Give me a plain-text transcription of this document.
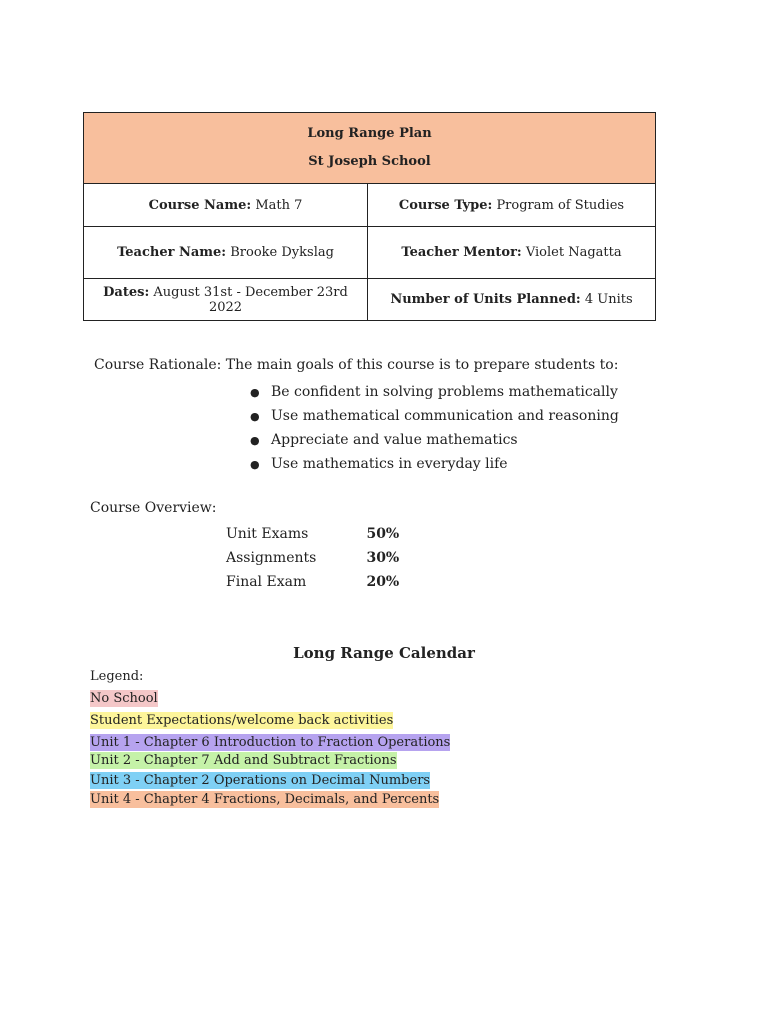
Long Range Plan
St Joseph School	

Course Name: Math 7	Course Type: Program of Studies
Teacher Name: Brooke Dykslag	Teacher Mentor: Violet Nagatta
Dates: August 31st - December 23rd 2022	Number of Units Planned: 4 Units
Course Rationale: The main goals of this course is to prepare students to:
● Be confident in solving problems mathematically
● Use mathematical communication and reasoning
● Appreciate and value mathematics
● Use mathematics in everyday life
Course Overview:
Unit Exams	50%
Assignments	30%
Final Exam	20%
Long Range Calendar
Legend:
No School
Student Expectations/welcome back activities
Unit 1 - Chapter 6 Introduction to Fraction Operations
Unit 2 - Chapter 7 Add and Subtract Fractions
Unit 3 - Chapter 2 Operations on Decimal Numbers
Unit 4 - Chapter 4 Fractions, Decimals, and Percents
